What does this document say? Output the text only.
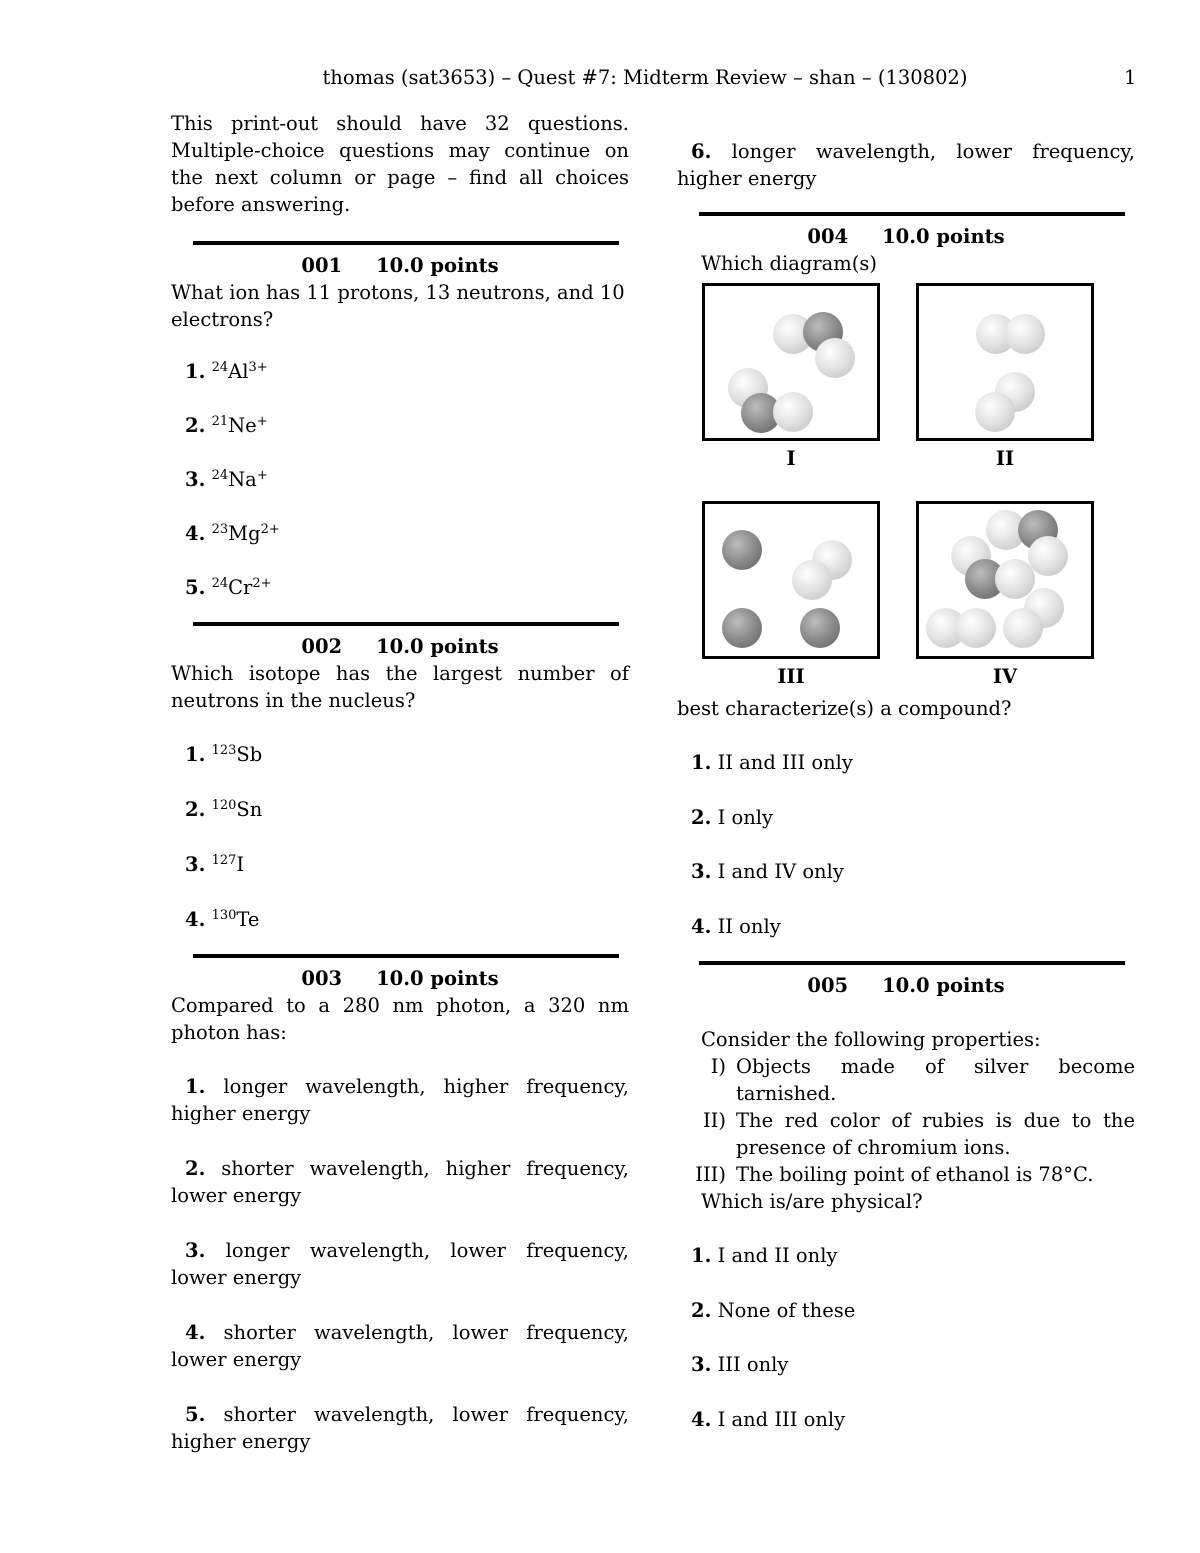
thomas (sat3653) – Quest #7: Midterm Review – shan – (130802)	1
This print-out should have 32 questions. Multiple-choice questions may continue on the next column or page – find all choices before answering.
001 10.0 points
What ion has 11 protons, 13 neutrons, and 10 electrons?
1. $^{24}Al^{3+}$
2. $^{21}$Ne+
3. $^{24}$Na+
4. $^{23}Mg^{2+}$
5. $^{24}Cr^{2+}$
002 10.0 points
Which isotope has the largest number of neutrons in the nucleus?
1. $^{123}$Sb
2. $^{120}$Sn
3. $^{127}$I
4. $^{130}$Te
003 10.0 points
Compared to a 280 nm photon, a 320 nm photon has:
1. longer wavelength, higher frequency, higher energy
2. shorter wavelength, higher frequency, lower energy
3. longer wavelength, lower frequency, lower energy
4. shorter wavelength, lower frequency, lower energy
5. shorter wavelength, lower frequency, higher energy
6. longer wavelength, lower frequency, higher energy
004 10.0 points
Which diagram(s)
I	II
III	IV
best characterize(s) a compound?
1. II and III only
2. I only
3. I and IV only
4. II only
005 10.0 points
Consider the following properties:
I) Objects made of silver become tarnished.
II) The red color of rubies is due to the presence of chromium ions.
III) The boiling point of ethanol is 78°C.
Which is/are physical?
1. I and II only
2. None of these
3. III only
4. I and III only
